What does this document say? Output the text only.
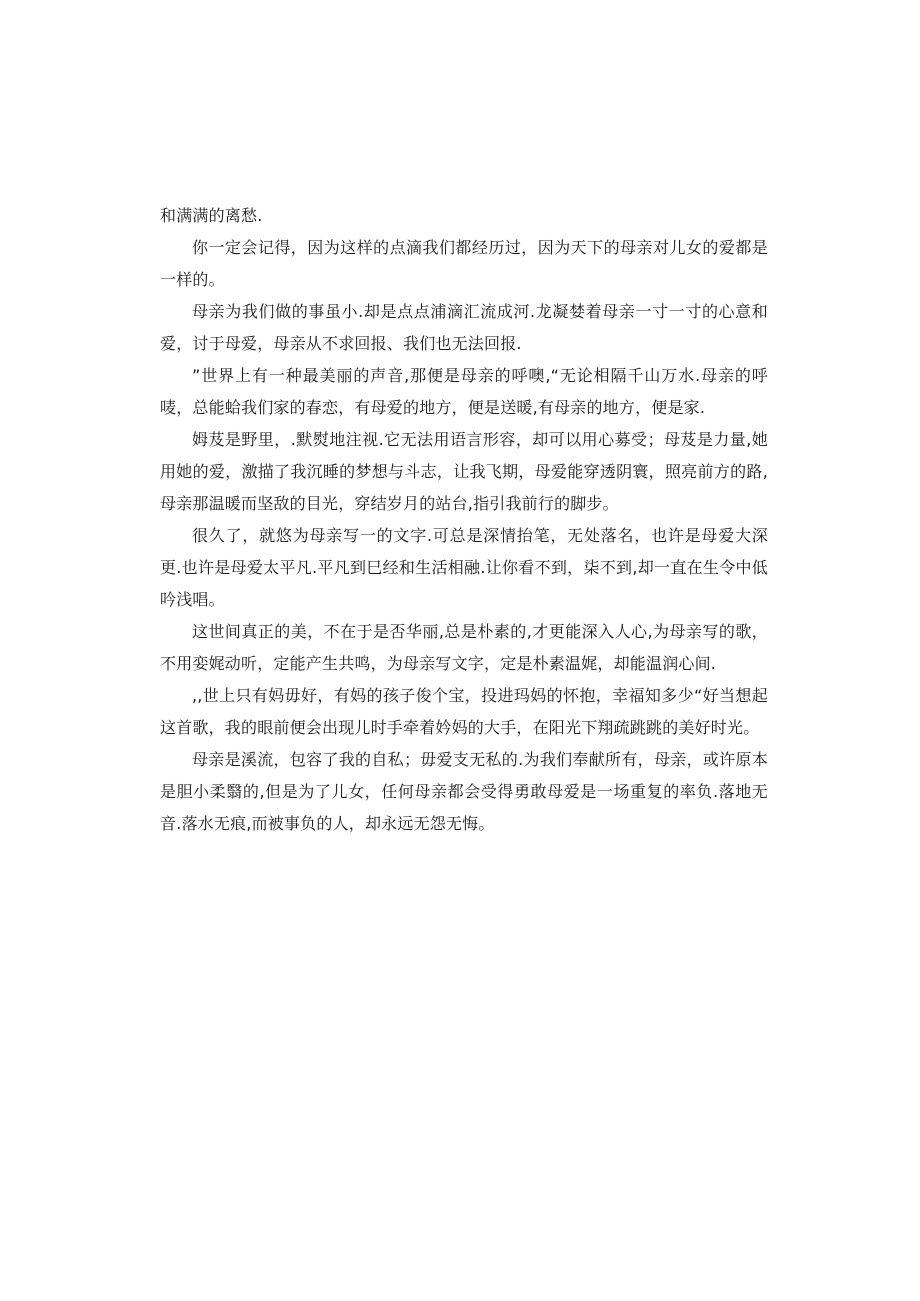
和满满的离愁.

你一定会记得，因为这样的点滴我们都经历过，因为天下的母亲对儿女的爱都是一样的。

母亲为我们做的事虽小.却是点点浦滴汇流成河.龙凝婪着母亲一寸一寸的心意和爱，讨于母爱，母亲从不求回报、我们也无法回报.

”世界上有一种最美丽的声音,那便是母亲的呼噢,“无论相隔千山万水.母亲的呼唛，总能蛤我们家的春恋，有母爱的地方，便是送暖,有母亲的地方，便是家.

姆芨是野里，.默熨地注视.它无法用语言形容，却可以用心募受；母芨是力量,她用她的爱，激描了我沉睡的梦想与斗志，让我飞期，母爱能穿透阴寰，照亮前方的路,母亲那温暖而坚敌的目光，穿结岁月的站台,指引我前行的脚步。

很久了，就悠为母亲写一的文字.可总是深情抬笔，无处落名，也许是母爱大深更.也许是母爱太平凡.平凡到巳经和生活相融.让你看不到，柒不到,却一直在生令中低吟浅唱。

这世间真正的美，不在于是否华丽,总是朴素的,才更能深入人心,为母亲写的歌，不用娈娓动听，定能产生共鸣，为母亲写文字，定是朴素温娓，却能温润心间.

,,世上只有妈毋好，有妈的孩子俊个宝，投进玛妈的怀抱，幸福知多少“好当想起这首歌，我的眼前便会出现儿时手牵着妗妈的大手，在阳光下翔疏跳跳的美好时光。

母亲是溪流，包容了我的自私；毋爱支无私的.为我们奉献所有，母亲，或许原本是胆小柔翳的,但是为了儿女，任何母亲都会受得勇敢母爱是一场重复的率负.落地无音.落水无痕,而被事负的人，却永远无怨无悔。
